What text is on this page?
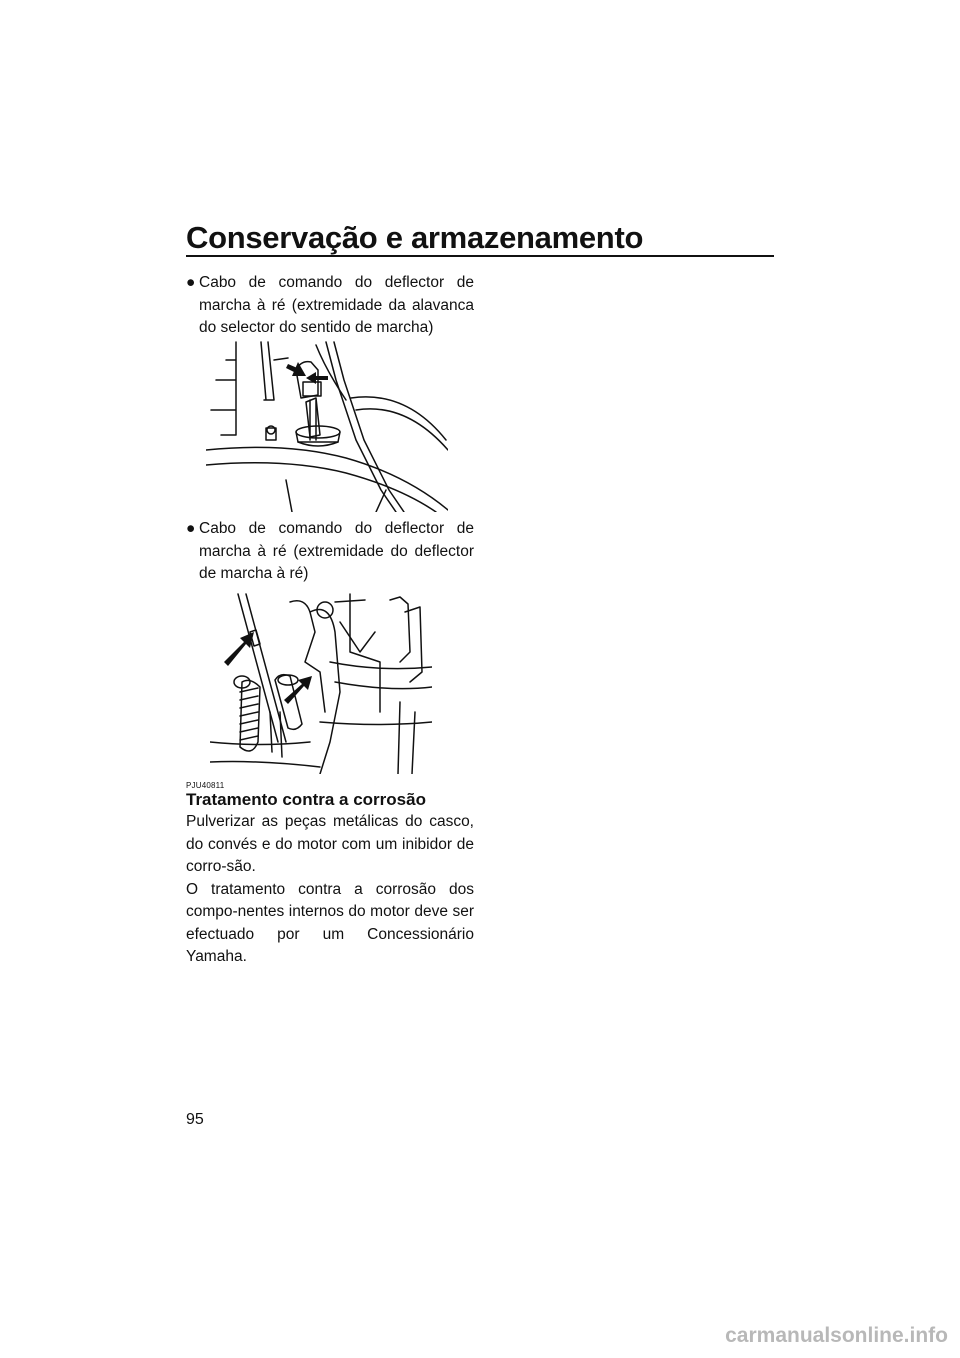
Conservação e armazenamento
● Cabo de comando do deflector de marcha à ré (extremidade da alavanca do selector do sentido de marcha)
● Cabo de comando do deflector de marcha à ré (extremidade do deflector de marcha à ré)
PJU40811
Tratamento contra a corrosão

Pulverizar as peças metálicas do casco, do convés e do motor com um inibidor de corro-são.

O tratamento contra a corrosão dos compo-nentes internos do motor deve ser efectuado por um Concessionário Yamaha.

95
carmanualsonline.info
